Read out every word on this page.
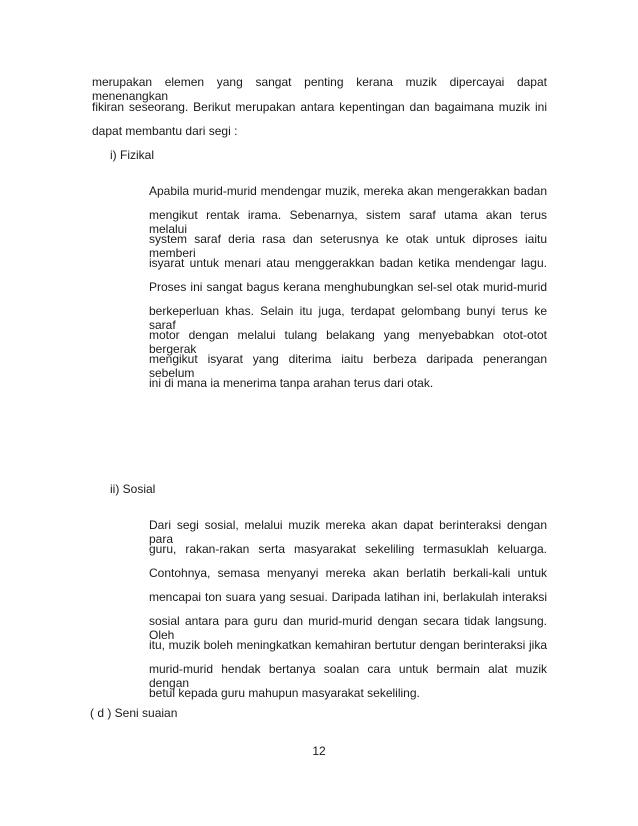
merupakan elemen yang sangat penting kerana muzik dipercayai dapat menenangkan
fikiran seseorang. Berikut merupakan antara kepentingan dan bagaimana muzik ini
dapat membantu dari segi :
i) Fizikal
Apabila murid-murid mendengar muzik, mereka akan mengerakkan badan
mengikut rentak irama. Sebenarnya, sistem saraf utama akan terus melalui
system saraf deria rasa dan seterusnya ke otak untuk diproses iaitu memberi
isyarat untuk menari atau menggerakkan badan ketika mendengar lagu.
Proses ini sangat bagus kerana menghubungkan sel-sel otak murid-murid
berkeperluan khas. Selain itu juga, terdapat gelombang bunyi terus ke saraf
motor dengan melalui tulang belakang yang menyebabkan otot-otot bergerak
mengikut isyarat yang diterima iaitu berbeza daripada penerangan sebelum
ini di mana ia menerima tanpa arahan terus dari otak.
ii) Sosial
Dari segi sosial, melalui muzik mereka akan dapat berinteraksi dengan para
guru, rakan-rakan serta masyarakat sekeliling termasuklah keluarga.
Contohnya, semasa menyanyi mereka akan berlatih berkali-kali untuk
mencapai ton suara yang sesuai. Daripada latihan ini, berlakulah interaksi
sosial antara para guru dan murid-murid dengan secara tidak langsung. Oleh
itu, muzik boleh meningkatkan kemahiran bertutur dengan berinteraksi jika
murid-murid hendak bertanya soalan cara untuk bermain alat muzik dengan
betul kepada guru mahupun masyarakat sekeliling.
( d ) Seni suaian
12
